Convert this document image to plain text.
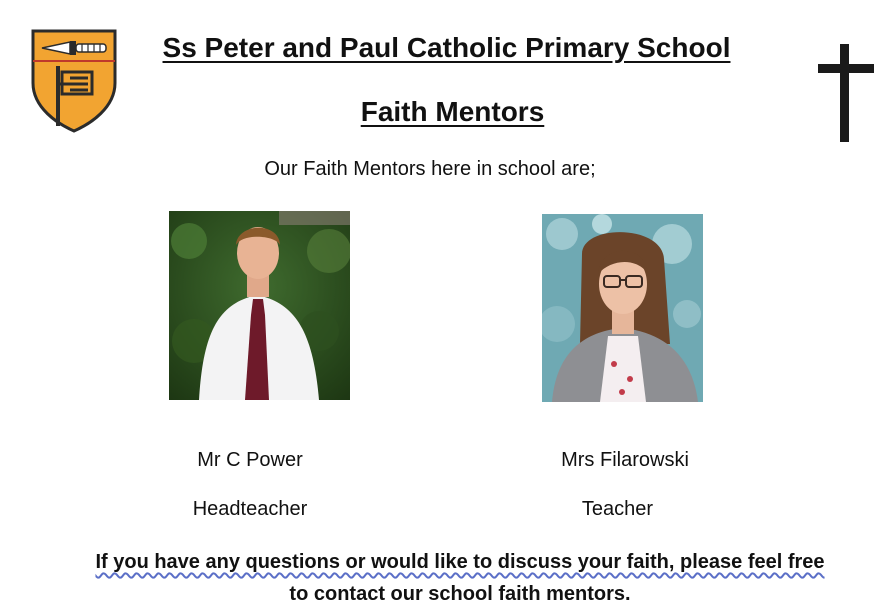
Ss Peter and Paul Catholic Primary School
Faith Mentors
Our Faith Mentors here in school are;
Mr C Power
Headteacher
Mrs Filarowski
Teacher
If you have any questions or would like to discuss your faith, please feel free
to contact our school faith mentors.
